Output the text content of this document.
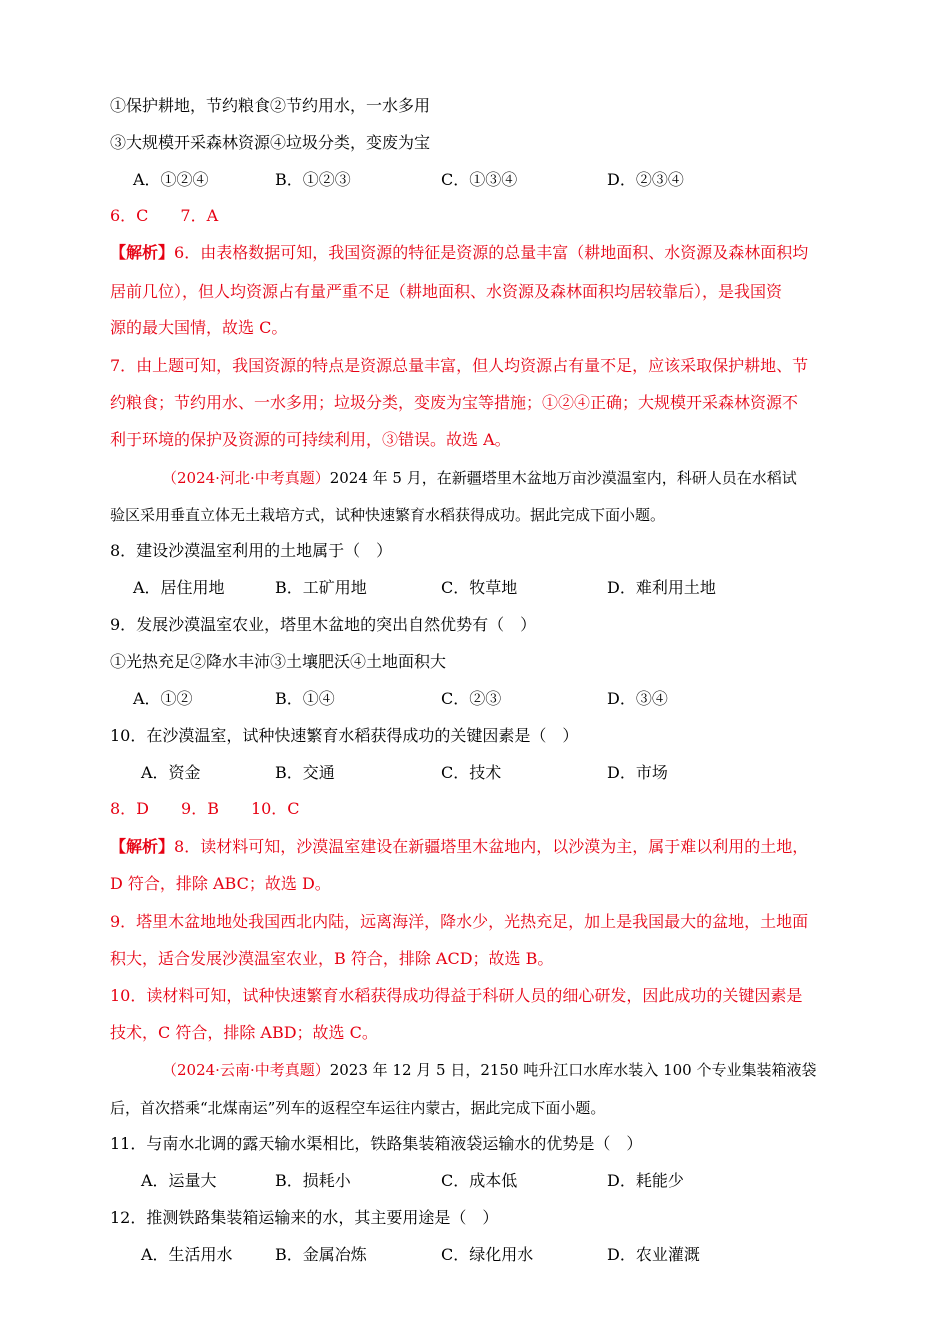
①保护耕地，节约粮食②节约用水，一水多用
③大规模开采森林资源④垃圾分类，变废为宝
A．①②④	B．①②③	C．①③④	D．②③④
6．C　　7．A
【解析】6．由表格数据可知，我国资源的特征是资源的总量丰富（耕地面积、水资源及森林面积均
居前几位），但人均资源占有量严重不足（耕地面积、水资源及森林面积均居较靠后），是我国资
源的最大国情，故选 C。
7．由上题可知，我国资源的特点是资源总量丰富，但人均资源占有量不足，应该采取保护耕地、节
约粮食；节约用水、一水多用；垃圾分类，变废为宝等措施；①②④正确；大规模开采森林资源不
利于环境的保护及资源的可持续利用，③错误。故选 A。
（2024·河北·中考真题）2024 年 5 月，在新疆塔里木盆地万亩沙漠温室内，科研人员在水稻试
验区采用垂直立体无土栽培方式，试种快速繁育水稻获得成功。据此完成下面小题。
8．建设沙漠温室利用的土地属于（　）
A．居住用地	B．工矿用地	C．牧草地	D．难利用土地
9．发展沙漠温室农业，塔里木盆地的突出自然优势有（　）
①光热充足②降水丰沛③土壤肥沃④土地面积大
A．①②	B．①④	C．②③	D．③④
10．在沙漠温室，试种快速繁育水稻获得成功的关键因素是（　）
A．资金	B．交通	C．技术	D．市场
8．D　　9．B　　10．C
【解析】8．读材料可知，沙漠温室建设在新疆塔里木盆地内，以沙漠为主，属于难以利用的土地，
D 符合，排除 ABC；故选 D。
9．塔里木盆地地处我国西北内陆，远离海洋，降水少，光热充足，加上是我国最大的盆地，土地面
积大，适合发展沙漠温室农业，B 符合，排除 ACD；故选 B。
10．读材料可知，试种快速繁育水稻获得成功得益于科研人员的细心研发，因此成功的关键因素是
技术，C 符合，排除 ABD；故选 C。
（2024·云南·中考真题）2023 年 12 月 5 日，2150 吨升江口水库水装入 100 个专业集装箱液袋
后，首次搭乘“北煤南运”列车的返程空车运往内蒙古，据此完成下面小题。
11．与南水北调的露天输水渠相比，铁路集装箱液袋运输水的优势是（　）
A．运量大	B．损耗小	C．成本低	D．耗能少
12．推测铁路集装箱运输来的水，其主要用途是（　）
A．生活用水	B．金属冶炼	C．绿化用水	D．农业灌溉
